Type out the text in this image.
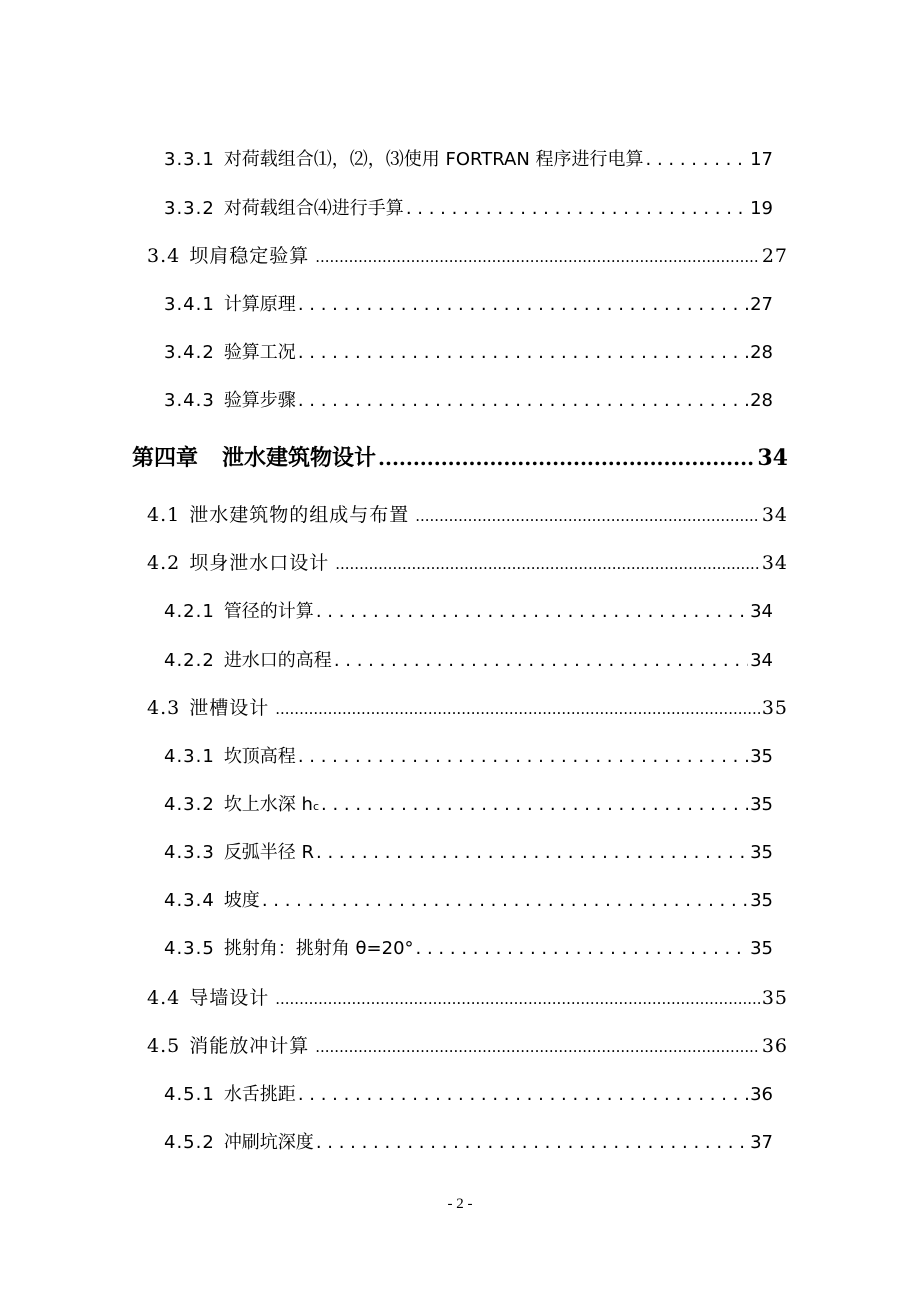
3.3.1 对荷载组合⑴，⑵，⑶使用 FORTRAN 程序进行电算 . . .	17
3.3.2 对荷载组合⑷进行手算 . . .	19
3.4 坝肩稳定验算 .....	27
3.4.1 计算原理 . . .	27
3.4.2 验算工况 . . .	28
3.4.3 验算步骤 . . .	28
第四章 泄水建筑物设计 .....	34
4.1 泄水建筑物的组成与布置 .....	34
4.2 坝身泄水口设计 .....	34
4.2.1 管径的计算 . . .	34
4.2.2 进水口的高程 . . .	34
4.3 泄槽设计 .....	35
4.3.1 坎顶高程 . . .	35
4.3.2 坎上水深 h c . . .	35
4.3.3 反弧半径 R . . .	35
4.3.4 坡度 . . .	35
4.3.5 挑射角：挑射角 θ=20° . . .	35
4.4 导墙设计 .....	35
4.5 消能放冲计算 .....	36
4.5.1 水舌挑距 . . .	36
4.5.2 冲刷坑深度 . . .	37
- 2 -
